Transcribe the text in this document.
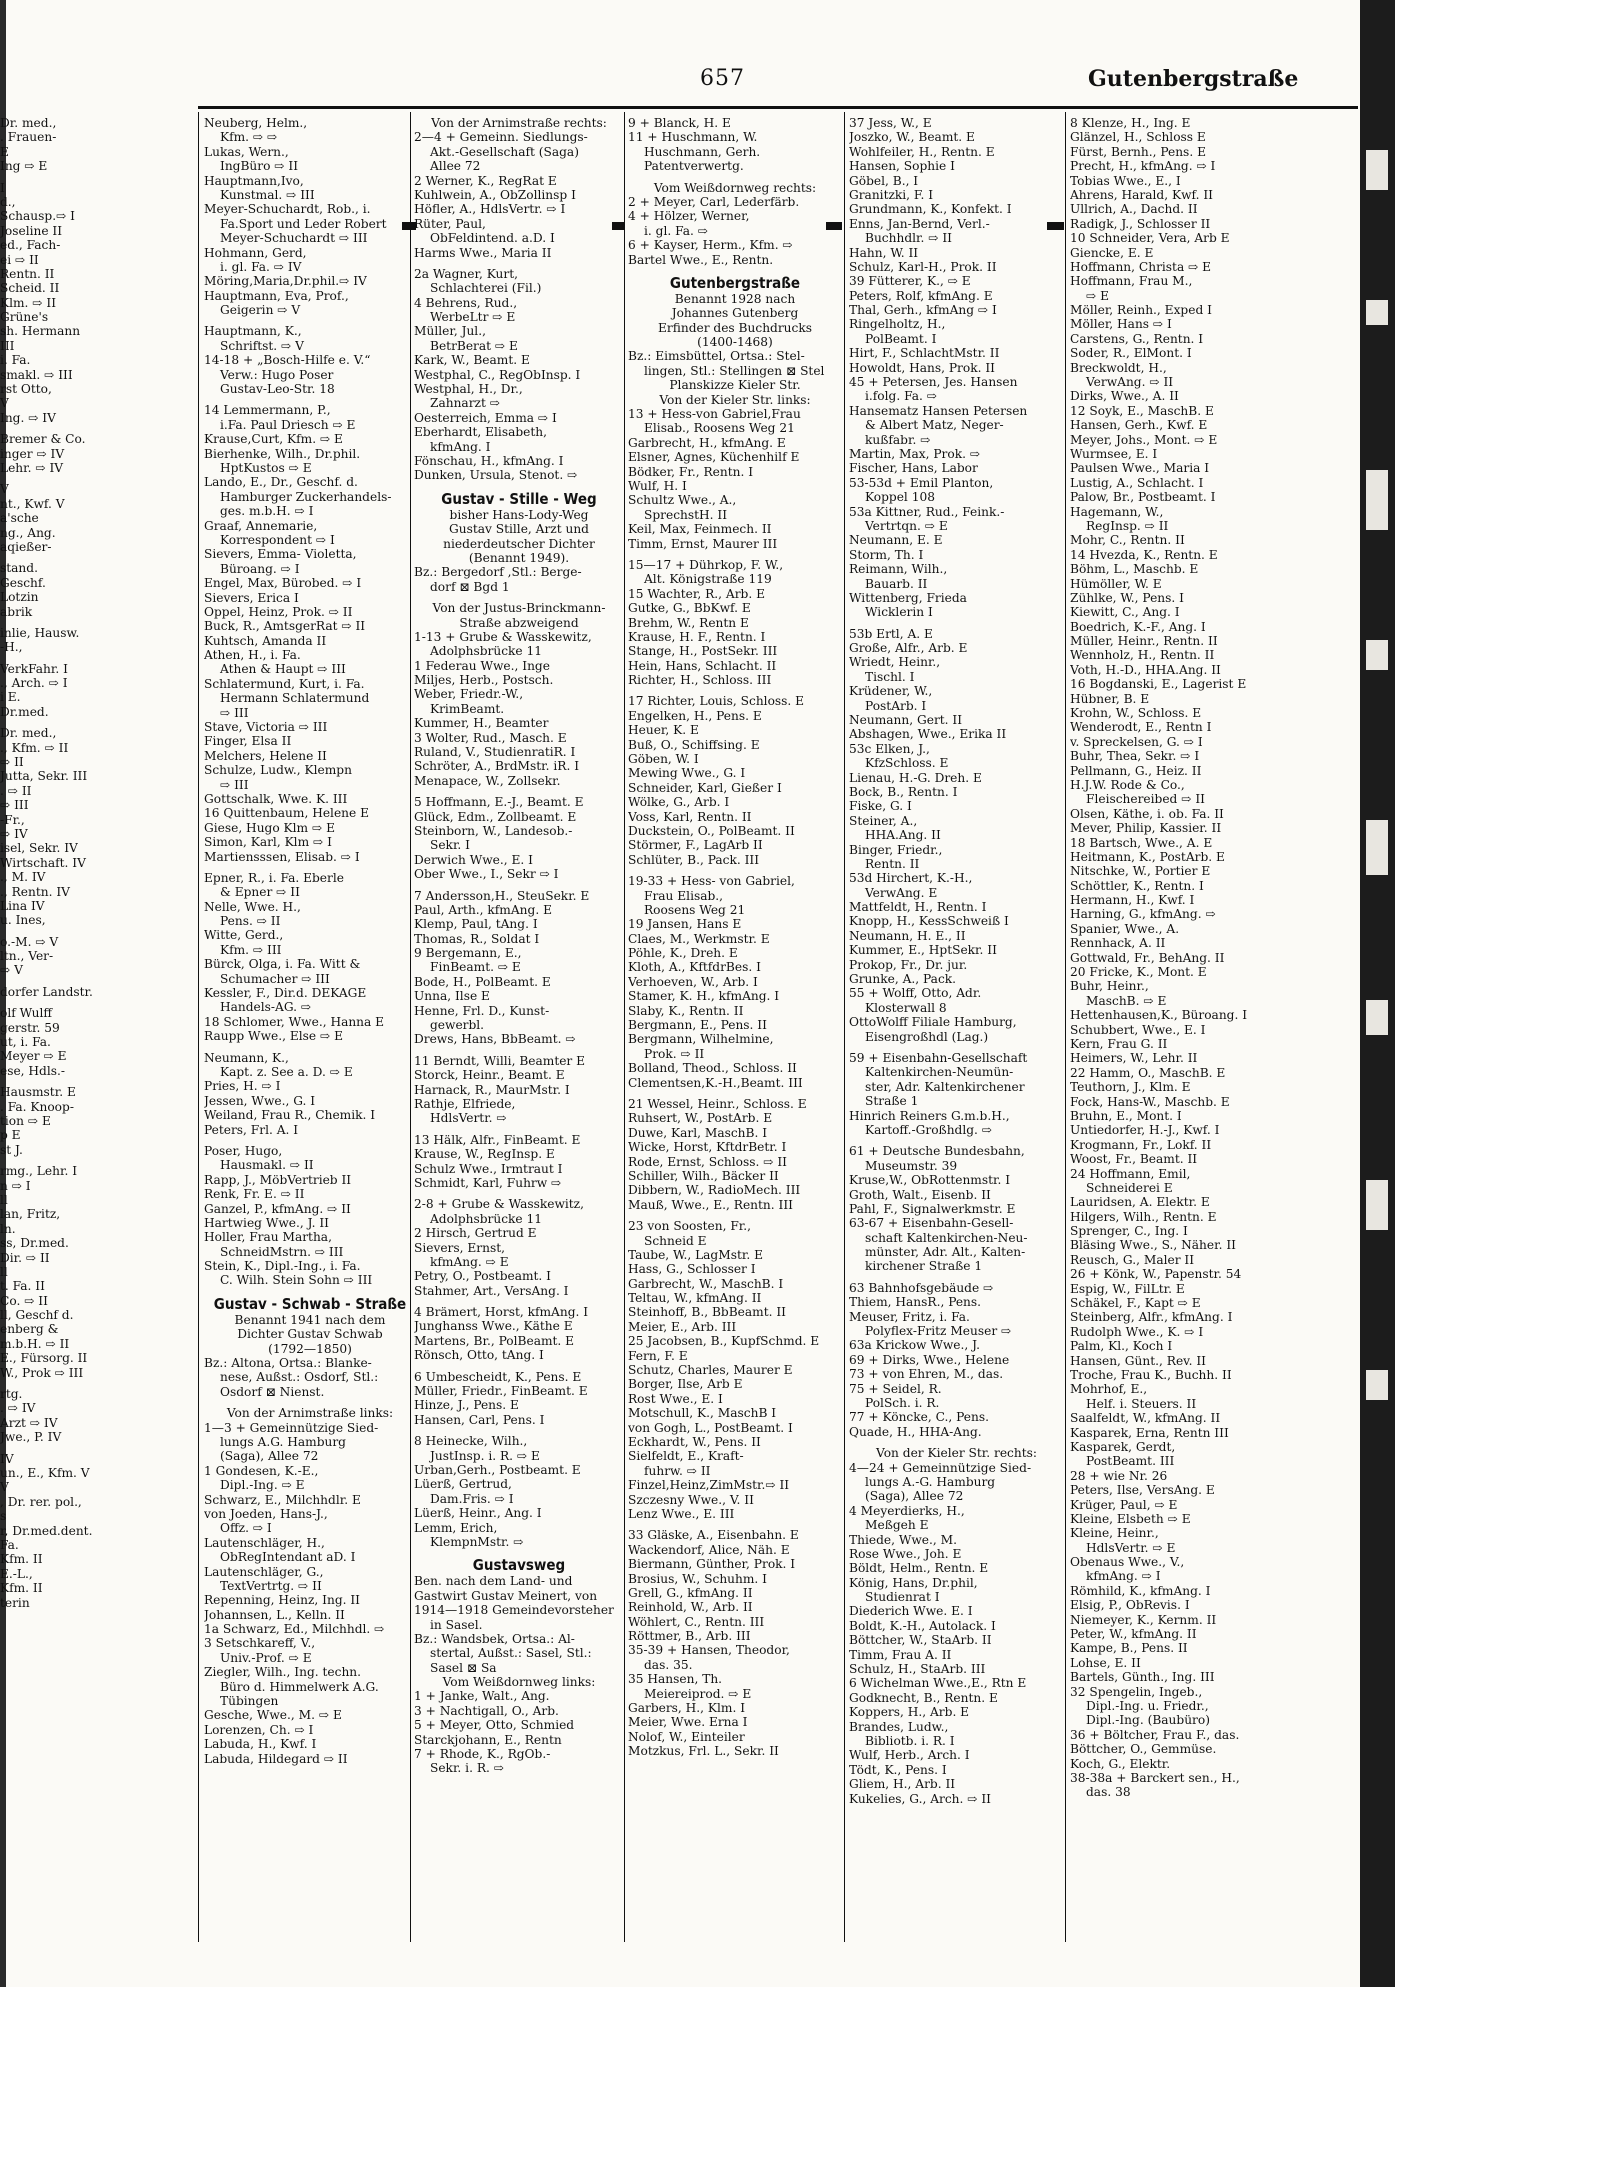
657	Gutenbergstraße
Dr. med.,
. Frauen-
E
Ing ⇨ E
I
d.,
Schausp.⇨ I
Joseline II
ed., Fach-
ei ⇨ II
Rentn. II
Scheid. II
Klm. ⇨ II
Grüne's
sh. Hermann
III
i. Fa.
smakl. ⇨ III
rst Otto,
V
Ing. ⇨ IV
Bremer & Co.
inger ⇨ IV
Lehr. ⇨ IV
V
nt., Kwf. V
a'sche
ng., Ang.
aqießer-
stand.
Geschf.
Lotzin
abrik
inlie, Hausw.
-H.,
VerkFahr. I
., Arch. ⇨ I
i E.
Dr.med.
Dr. med.,
., Kfm. ⇨ II
⇨ II
Jutta, Sekr. III
. ⇨ II
⇨ III
-Fr.,
⇨ IV
isel, Sekr. IV
Wirtschaft. IV
., M. IV
., Rentn. IV
Lina IV
u. Ines,
o.-M. ⇨ V
ltn., Ver-
⇨ V
dorfer Landstr.
olf Wulff
gerstr. 59
ut, i. Fa.
Meyer ⇨ E
ese, Hdls.-
Hausmstr. E
. Fa. Knoop-
tion ⇨ E
p E
st J.
rmg., Lehr. I
n ⇨ I
ll
lan, Fritz,
ln.
ss, Dr.med.
Dir. ⇨ II
ll
t. Fa. II
Co. ⇨ II
ll, Geschf d.
enberg &
m.b.H. ⇨ II
E., Fürsorg. II
W., Prok ⇨ III
rtg.
. ⇨ IV
Arzt ⇨ IV
Jwe., P. IV
IV
un., E., Kfm. V
V
, Dr. rer. pol.,
s
r, Dr.med.dent.
Fa.
Kfm. II
E.-L.,
Kfm. II
terin
Neuberg, Helm.,
Kfm. ⇨ ⇨
Lukas, Wern.,
IngBüro ⇨ II
Hauptmann,Ivo,
Kunstmal. ⇨ III
Meyer-Schuchardt, Rob., i.
Fa.Sport und Leder Robert
Meyer-Schuchardt ⇨ III
Hohmann, Gerd,
i. gl. Fa. ⇨ IV
Möring,Maria,Dr.phil.⇨ IV
Hauptmann, Eva, Prof.,
Geigerin ⇨ V
Hauptmann, K.,
Schriftst. ⇨ V
14-18 + „Bosch-Hilfe e. V.“
Verw.: Hugo Poser
Gustav-Leo-Str. 18
14 Lemmermann, P.,
i.Fa. Paul Driesch ⇨ E
Krause,Curt, Kfm. ⇨ E
Bierhenke, Wilh., Dr.phil.
HptKustos ⇨ E
Lando, E., Dr., Geschf. d.
Hamburger Zuckerhandels-
ges. m.b.H. ⇨ I
Graaf, Annemarie,
Korrespondent ⇨ I
Sievers, Emma- Violetta,
Büroang. ⇨ I
Engel, Max, Bürobed. ⇨ I
Sievers, Erica I
Oppel, Heinz, Prok. ⇨ II
Buck, R., AmtsgerRat ⇨ II
Kuhtsch, Amanda II
Athen, H., i. Fa.
Athen & Haupt ⇨ III
Schlatermund, Kurt, i. Fa.
Hermann Schlatermund
⇨ III
Stave, Victoria ⇨ III
Finger, Elsa II
Melchers, Helene II
Schulze, Ludw., Klempn
⇨ III
Gottschalk, Wwe. K. III
16 Quittenbaum, Helene E
Giese, Hugo Klm ⇨ E
Simon, Karl, Klm ⇨ I
Martiensssen, Elisab. ⇨ I
Epner, R., i. Fa. Eberle
& Epner ⇨ II
Nelle, Wwe. H.,
Pens. ⇨ II
Witte, Gerd.,
Kfm. ⇨ III
Bürck, Olga, i. Fa. Witt &
Schumacher ⇨ III
Kessler, F., Dir.d. DEKAGE
Handels-AG. ⇨
18 Schlomer, Wwe., Hanna E
Raupp Wwe., Else ⇨ E
Neumann, K.,
Kapt. z. See a. D. ⇨ E
Pries, H. ⇨ I
Jessen, Wwe., G. I
Weiland, Frau R., Chemik. I
Peters, Frl. A. I
Poser, Hugo,
Hausmakl. ⇨ II
Rapp, J., MöbVertrieb II
Renk, Fr. E. ⇨ II
Ganzel, P., kfmAng. ⇨ II
Hartwieg Wwe., J. II
Holler, Frau Martha,
SchneidMstrn. ⇨ III
Stein, K., Dipl.-Ing., i. Fa.
C. Wilh. Stein Sohn ⇨ III
Gustav - Schwab - Straße
Benannt 1941 nach dem
Dichter Gustav Schwab
(1792—1850)
Bz.: Altona, Ortsa.: Blanke-
nese, Außst.: Osdorf, Stl.:
Osdorf ⊠ Nienst.
Von der Arnimstraße links:
1—3 + Gemeinnützige Sied-
lungs A.G. Hamburg
(Saga), Allee 72
1 Gondesen, K.-E.,
Dipl.-Ing. ⇨ E
Schwarz, E., Milchhdlr. E
von Joeden, Hans-J.,
Offz. ⇨ I
Lautenschläger, H.,
ObRegIntendant aD. I
Lautenschläger, G.,
TextVertrtg. ⇨ II
Repenning, Heinz, Ing. II
Johannsen, L., Kelln. II
1a Schwarz, Ed., Milchhdl. ⇨
3 Setschkareff, V.,
Univ.-Prof. ⇨ E
Ziegler, Wilh., Ing. techn.
Büro d. Himmelwerk A.G.
Tübingen
Gesche, Wwe., M. ⇨ E
Lorenzen, Ch. ⇨ I
Labuda, H., Kwf. I
Labuda, Hildegard ⇨ II
Von der Arnimstraße rechts:
2—4 + Gemeinn. Siedlungs-
Akt.-Gesellschaft (Saga)
Allee 72
2 Werner, K., RegRat E
Kuhlwein, A., ObZollinsp I
Höfler, A., HdlsVertr. ⇨ I
Rüter, Paul,
ObFeldintend. a.D. I
Harms Wwe., Maria II
2a Wagner, Kurt,
Schlachterei (Fil.)
4 Behrens, Rud.,
WerbeLtr ⇨ E
Müller, Jul.,
BetrBerat ⇨ E
Kark, W., Beamt. E
Westphal, C., RegObInsp. I
Westphal, H., Dr.,
Zahnarzt ⇨
Oesterreich, Emma ⇨ I
Eberhardt, Elisabeth,
kfmAng. I
Fönschau, H., kfmAng. I
Dunken, Ursula, Stenot. ⇨
Gustav - Stille - Weg
bisher Hans-Lody-Weg
Gustav Stille, Arzt und
niederdeutscher Dichter
(Benannt 1949).
Bz.: Bergedorf ,Stl.: Berge-
dorf ⊠ Bgd 1
Von der Justus-Brinckmann-
Straße abzweigend
1-13 + Grube & Wasskewitz,
Adolphsbrücke 11
1 Federau Wwe., Inge
Miljes, Herb., Postsch.
Weber, Friedr.-W.,
KrimBeamt.
Kummer, H., Beamter
3 Wolter, Rud., Masch. E
Ruland, V., StudienratiR. I
Schröter, A., BrdMstr. iR. I
Menapace, W., Zollsekr.
5 Hoffmann, E.-J., Beamt. E
Glück, Edm., Zollbeamt. E
Steinborn, W., Landesob.-
Sekr. I
Derwich Wwe., E. I
Ober Wwe., I., Sekr ⇨ I
7 Andersson,H., SteuSekr. E
Paul, Arth., kfmAng. E
Klemp, Paul, tAng. I
Thomas, R., Soldat I
9 Bergemann, E.,
FinBeamt. ⇨ E
Bode, H., PolBeamt. E
Unna, Ilse E
Henne, Frl. D., Kunst-
gewerbl.
Drews, Hans, BbBeamt. ⇨
11 Berndt, Willi, Beamter E
Storck, Heinr., Beamt. E
Harnack, R., MaurMstr. I
Rathje, Elfriede,
HdlsVertr. ⇨
13 Hälk, Alfr., FinBeamt. E
Krause, W., RegInsp. E
Schulz Wwe., Irmtraut I
Schmidt, Karl, Fuhrw ⇨
2-8 + Grube & Wasskewitz,
Adolphsbrücke 11
2 Hirsch, Gertrud E
Sievers, Ernst,
kfmAng. ⇨ E
Petry, O., Postbeamt. I
Stahmer, Art., VersAng. I
4 Brämert, Horst, kfmAng. I
Junghanss Wwe., Käthe E
Martens, Br., PolBeamt. E
Rönsch, Otto, tAng. I
6 Umbescheidt, K., Pens. E
Müller, Friedr., FinBeamt. E
Hinze, J., Pens. E
Hansen, Carl, Pens. I
8 Heinecke, Wilh.,
JustInsp. i. R. ⇨ E
Urban,Gerh., Postbeamt. E
Lüerß, Gertrud,
Dam.Fris. ⇨ I
Lüerß, Heinr., Ang. I
Lemm, Erich,
KlempnMstr. ⇨
Gustavsweg
Ben. nach dem Land- und
Gastwirt Gustav Meinert, von
1914—1918 Gemeindevorsteher
in Sasel.
Bz.: Wandsbek, Ortsa.: Al-
stertal, Außst.: Sasel, Stl.:
Sasel ⊠ Sa
Vom Weißdornweg links:
1 + Janke, Walt., Ang.
3 + Nachtigall, O., Arb.
5 + Meyer, Otto, Schmied
Starckjohann, E., Rentn
7 + Rhode, K., RgOb.-
Sekr. i. R. ⇨
9 + Blanck, H. E
11 + Huschmann, W.
Huschmann, Gerh.
Patentverwertg.
Vom Weißdornweg rechts:
2 + Meyer, Carl, Lederfärb.
4 + Hölzer, Werner,
i. gl. Fa. ⇨
6 + Kayser, Herm., Kfm. ⇨
Bartel Wwe., E., Rentn.
Gutenbergstraße
Benannt 1928 nach
Johannes Gutenberg
Erfinder des Buchdrucks
(1400-1468)
Bz.: Eimsbüttel, Ortsa.: Stel-
lingen, Stl.: Stellingen ⊠ Stel
Planskizze Kieler Str.
Von der Kieler Str. links:
13 + Hess-von Gabriel,Frau
Elisab., Roosens Weg 21
Garbrecht, H., kfmAng. E
Elsner, Agnes, Küchenhilf E
Bödker, Fr., Rentn. I
Wulf, H. I
Schultz Wwe., A.,
SprechstH. II
Keil, Max, Feinmech. II
Timm, Ernst, Maurer III
15—17 + Dührkop, F. W.,
Alt. Königstraße 119
15 Wachter, R., Arb. E
Gutke, G., BbKwf. E
Brehm, W., Rentn E
Krause, H. F., Rentn. I
Stange, H., PostSekr. III
Hein, Hans, Schlacht. II
Richter, H., Schloss. III
17 Richter, Louis, Schloss. E
Engelken, H., Pens. E
Heuer, K. E
Buß, O., Schiffsing. E
Göben, W. I
Mewing Wwe., G. I
Schneider, Karl, Gießer I
Wölke, G., Arb. I
Voss, Karl, Rentn. II
Duckstein, O., PolBeamt. II
Störmer, F., LagArb II
Schlüter, B., Pack. III
19-33 + Hess- von Gabriel,
Frau Elisab.,
Roosens Weg 21
19 Jansen, Hans E
Claes, M., Werkmstr. E
Pöhle, K., Dreh. E
Kloth, A., KftfdrBes. I
Verhoeven, W., Arb. I
Stamer, K. H., kfmAng. I
Slaby, K., Rentn. II
Bergmann, E., Pens. II
Bergmann, Wilhelmine,
Prok. ⇨ II
Bolland, Theod., Schloss. II
Clementsen,K.-H.,Beamt. III
21 Wessel, Heinr., Schloss. E
Ruhsert, W., PostArb. E
Duwe, Karl, MaschB. I
Wicke, Horst, KftdrBetr. I
Rode, Ernst, Schloss. ⇨ II
Schiller, Wilh., Bäcker II
Dibbern, W., RadioMech. III
Mauß, Wwe., E., Rentn. III
23 von Soosten, Fr.,
Schneid E
Taube, W., LagMstr. E
Hass, G., Schlosser I
Garbrecht, W., MaschB. I
Teltau, W., kfmAng. II
Steinhoff, B., BbBeamt. II
Meier, E., Arb. III
25 Jacobsen, B., KupfSchmd. E
Fern, F. E
Schutz, Charles, Maurer E
Borger, Ilse, Arb E
Rost Wwe., E. I
Motschull, K., MaschB I
von Gogh, L., PostBeamt. I
Eckhardt, W., Pens. II
Sielfeldt, E., Kraft-
fuhrw. ⇨ II
Finzel,Heinz,ZimMstr.⇨ II
Szczesny Wwe., V. II
Lenz Wwe., E. III
33 Gläske, A., Eisenbahn. E
Wackendorf, Alice, Näh. E
Biermann, Günther, Prok. I
Brosius, W., Schuhm. I
Grell, G., kfmAng. II
Reinhold, W., Arb. II
Wöhlert, C., Rentn. III
Röttmer, B., Arb. III
35-39 + Hansen, Theodor,
das. 35.
35 Hansen, Th.
Meiereiprod. ⇨ E
Garbers, H., Klm. I
Meier, Wwe. Erna I
Nolof, W., Einteiler
Motzkus, Frl. L., Sekr. II
37 Jess, W., E
Joszko, W., Beamt. E
Wohlfeiler, H., Rentn. E
Hansen, Sophie I
Göbel, B., I
Granitzki, F. I
Grundmann, K., Konfekt. I
Enns, Jan-Bernd, Verl.-
Buchhdlr. ⇨ II
Hahn, W. II
Schulz, Karl-H., Prok. II
39 Fütterer, K., ⇨ E
Peters, Rolf, kfmAng. E
Thal, Gerh., kfmAng ⇨ I
Ringelholtz, H.,
PolBeamt. I
Hirt, F., SchlachtMstr. II
Howoldt, Hans, Prok. II
45 + Petersen, Jes. Hansen
i.folg. Fa. ⇨
Hansematz Hansen Petersen
& Albert Matz, Neger-
kußfabr. ⇨
Martin, Max, Prok. ⇨
Fischer, Hans, Labor
53-53d + Emil Planton,
Koppel 108
53a Kittner, Rud., Feink.-
Vertrtqn. ⇨ E
Neumann, E. E
Storm, Th. I
Reimann, Wilh.,
Bauarb. II
Wittenberg, Frieda
Wicklerin I
53b Ertl, A. E
Große, Alfr., Arb. E
Wriedt, Heinr.,
Tischl. I
Krüdener, W.,
PostArb. I
Neumann, Gert. II
Abshagen, Wwe., Erika II
53c Elken, J.,
KfzSchloss. E
Lienau, H.-G. Dreh. E
Bock, B., Rentn. I
Fiske, G. I
Steiner, A.,
HHA.Ang. II
Binger, Friedr.,
Rentn. II
53d Hirchert, K.-H.,
VerwAng. E
Mattfeldt, H., Rentn. I
Knopp, H., KessSchweiß I
Neumann, H. E., II
Kummer, E., HptSekr. II
Prokop, Fr., Dr. jur.
Grunke, A., Pack.
55 + Wolff, Otto, Adr.
Klosterwall 8
OttoWolff Filiale Hamburg,
Eisengroßhdl (Lag.)
59 + Eisenbahn-Gesellschaft
Kaltenkirchen-Neumün-
ster, Adr. Kaltenkirchener
Straße 1
Hinrich Reiners G.m.b.H.,
Kartoff.-Großhdlg. ⇨
61 + Deutsche Bundesbahn,
Museumstr. 39
Kruse,W., ObRottenmstr. I
Groth, Walt., Eisenb. II
Pahl, F., Signalwerkmstr. E
63-67 + Eisenbahn-Gesell-
schaft Kaltenkirchen-Neu-
münster, Adr. Alt., Kalten-
kirchener Straße 1
63 Bahnhofsgebäude ⇨
Thiem, HansR., Pens.
Meuser, Fritz, i. Fa.
Polyflex-Fritz Meuser ⇨
63a Krickow Wwe., J.
69 + Dirks, Wwe., Helene
73 + von Ehren, M., das.
75 + Seidel, R.
PolSch. i. R.
77 + Köncke, C., Pens.
Quade, H., HHA-Ang.
Von der Kieler Str. rechts:
4—24 + Gemeinnützige Sied-
lungs A.-G. Hamburg
(Saga), Allee 72
4 Meyerdierks, H.,
Meßgeh E
Thiede, Wwe., M.
Rose Wwe., Joh. E
Böldt, Helm., Rentn. E
König, Hans, Dr.phil,
Studienrat I
Diederich Wwe. E. I
Boldt, K.-H., Autolack. I
Böttcher, W., StaArb. II
Timm, Frau A. II
Schulz, H., StaArb. III
6 Wichelman Wwe.,E., Rtn E
Godknecht, B., Rentn. E
Koppers, H., Arb. E
Brandes, Ludw.,
Bibliotb. i. R. I
Wulf, Herb., Arch. I
Tödt, K., Pens. I
Gliem, H., Arb. II
Kukelies, G., Arch. ⇨ II
8 Klenze, H., Ing. E
Glänzel, H., Schloss E
Fürst, Bernh., Pens. E
Precht, H., kfmAng. ⇨ I
Tobias Wwe., E., I
Ahrens, Harald, Kwf. II
Ullrich, A., Dachd. II
Radigk, J., Schlosser II
10 Schneider, Vera, Arb E
Giencke, E. E
Hoffmann, Christa ⇨ E
Hoffmann, Frau M.,
⇨ E
Möller, Reinh., Exped I
Möller, Hans ⇨ I
Carstens, G., Rentn. I
Soder, R., ElMont. I
Breckwoldt, H.,
VerwAng. ⇨ II
Dirks, Wwe., A. II
12 Soyk, E., MaschB. E
Hansen, Gerh., Kwf. E
Meyer, Johs., Mont. ⇨ E
Wurmsee, E. I
Paulsen Wwe., Maria I
Lustig, A., Schlacht. I
Palow, Br., Postbeamt. I
Hagemann, W.,
RegInsp. ⇨ II
Mohr, C., Rentn. II
14 Hvezda, K., Rentn. E
Böhm, L., Maschb. E
Hümöller, W. E
Zühlke, W., Pens. I
Kiewitt, C., Ang. I
Boedrich, K.-F., Ang. I
Müller, Heinr., Rentn. II
Wennholz, H., Rentn. II
Voth, H.-D., HHA.Ang. II
16 Bogdanski, E., Lagerist E
Hübner, B. E
Krohn, W., Schloss. E
Wenderodt, E., Rentn I
v. Spreckelsen, G. ⇨ I
Buhr, Thea, Sekr. ⇨ I
Pellmann, G., Heiz. II
H.J.W. Rode & Co.,
Fleischereibed ⇨ II
Olsen, Käthe, i. ob. Fa. II
Mever, Philip, Kassier. II
18 Bartsch, Wwe., A. E
Heitmann, K., PostArb. E
Nitschke, W., Portier E
Schöttler, K., Rentn. I
Hermann, H., Kwf. I
Harning, G., kfmAng. ⇨
Spanier, Wwe., A.
Rennhack, A. II
Gottwald, Fr., BehAng. II
20 Fricke, K., Mont. E
Buhr, Heinr.,
MaschB. ⇨ E
Hettenhausen,K., Büroang. I
Schubbert, Wwe., E. I
Kern, Frau G. II
Heimers, W., Lehr. II
22 Hamm, O., MaschB. E
Teuthorn, J., Klm. E
Fock, Hans-W., Maschb. E
Bruhn, E., Mont. I
Untiedorfer, H.-J., Kwf. I
Krogmann, Fr., Lokf. II
Woost, Fr., Beamt. II
24 Hoffmann, Emil,
Schneiderei E
Lauridsen, A. Elektr. E
Hilgers, Wilh., Rentn. E
Sprenger, C., Ing. I
Bläsing Wwe., S., Näher. II
Reusch, G., Maler II
26 + Könk, W., Papenstr. 54
Espig, W., FilLtr. E
Schäkel, F., Kapt ⇨ E
Steinberg, Alfr., kfmAng. I
Rudolph Wwe., K. ⇨ I
Palm, Kl., Koch I
Hansen, Günt., Rev. II
Troche, Frau K., Buchh. II
Mohrhof, E.,
Helf. i. Steuers. II
Saalfeldt, W., kfmAng. II
Kasparek, Erna, Rentn III
Kasparek, Gerdt,
PostBeamt. III
28 + wie Nr. 26
Peters, Ilse, VersAng. E
Krüger, Paul, ⇨ E
Kleine, Elsbeth ⇨ E
Kleine, Heinr.,
HdlsVertr. ⇨ E
Obenaus Wwe., V.,
kfmAng. ⇨ I
Römhild, K., kfmAng. I
Elsig, P., ObRevis. I
Niemeyer, K., Kernm. II
Peter, W., kfmAng. II
Kampe, B., Pens. II
Lohse, E. II
Bartels, Günth., Ing. III
32 Spengelin, Ingeb.,
Dipl.-Ing. u. Friedr.,
Dipl.-Ing. (Baubüro)
36 + Böltcher, Frau F., das.
Böttcher, O., Gemmüse.
Koch, G., Elektr.
38-38a + Barckert sen., H.,
das. 38
